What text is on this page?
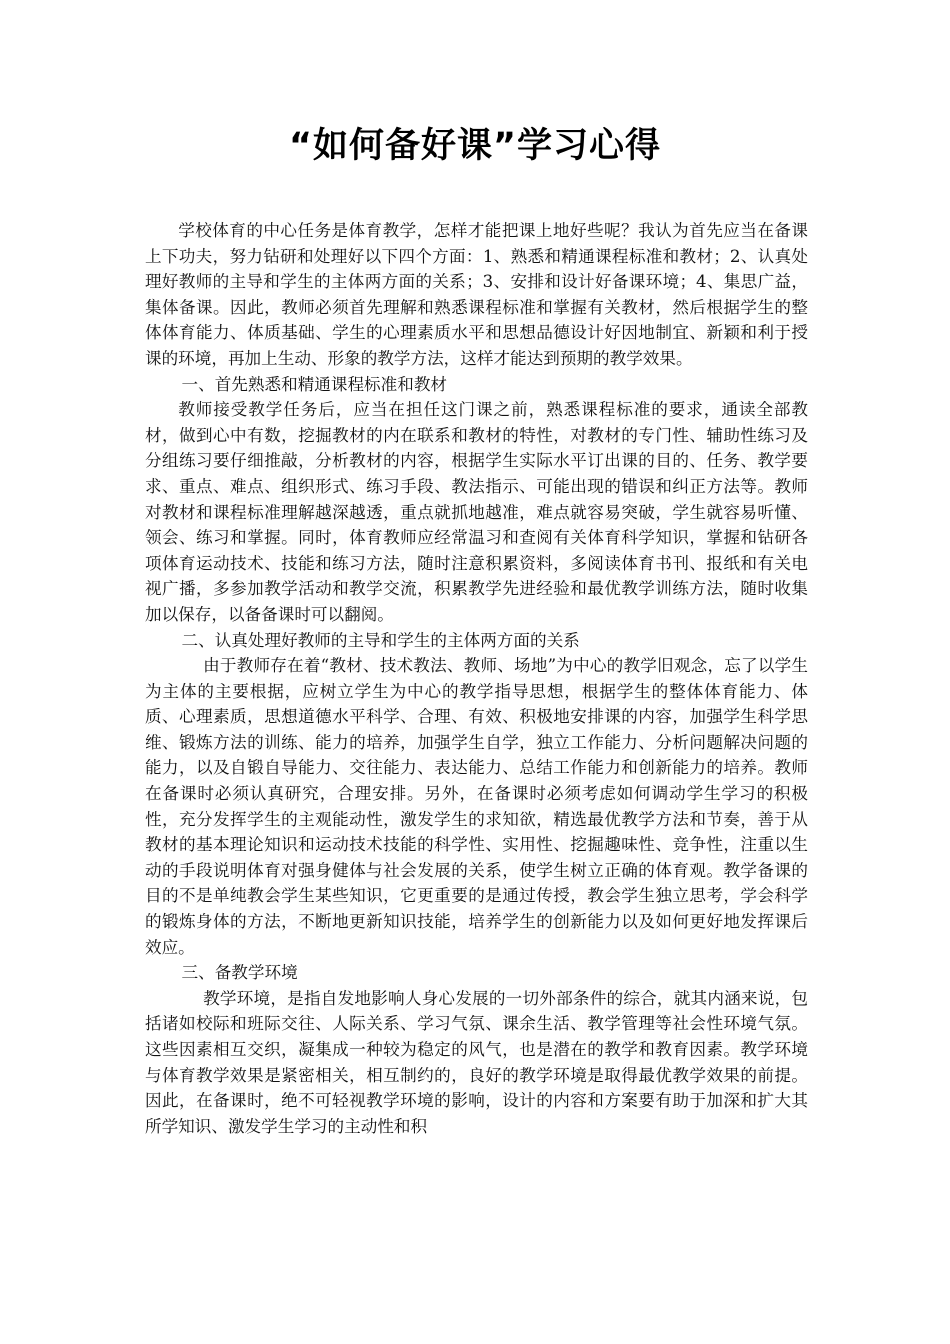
“如何备好课”学习心得

学校体育的中心任务是体育教学，怎样才能把课上地好些呢？我认为首先应当在备课上下功夫，努力钻研和处理好以下四个方面：1、熟悉和精通课程标准和教材；2、认真处理好教师的主导和学生的主体两方面的关系；3、安排和设计好备课环境；4、集思广益，集体备课。因此，教师必须首先理解和熟悉课程标准和掌握有关教材，然后根据学生的整体体育能力、体质基础、学生的心理素质水平和思想品德设计好因地制宜、新颖和利于授课的环境，再加上生动、形象的教学方法，这样才能达到预期的教学效果。

一、首先熟悉和精通课程标准和教材

教师接受教学任务后，应当在担任这门课之前，熟悉课程标准的要求，通读全部教材，做到心中有数，挖掘教材的内在联系和教材的特性，对教材的专门性、辅助性练习及分组练习要仔细推敲，分析教材的内容，根据学生实际水平订出课的目的、任务、教学要求、重点、难点、组织形式、练习手段、教法指示、可能出现的错误和纠正方法等。教师对教材和课程标准理解越深越透，重点就抓地越准，难点就容易突破，学生就容易听懂、领会、练习和掌握。同时，体育教师应经常温习和查阅有关体育科学知识，掌握和钻研各项体育运动技术、技能和练习方法，随时注意积累资料，多阅读体育书刊、报纸和有关电视广播，多参加教学活动和教学交流，积累教学先进经验和最优教学训练方法，随时收集加以保存，以备备课时可以翻阅。

二、认真处理好教师的主导和学生的主体两方面的关系

由于教师存在着“教材、技术教法、教师、场地”为中心的教学旧观念，忘了以学生为主体的主要根据，应树立学生为中心的教学指导思想，根据学生的整体体育能力、体质、心理素质，思想道德水平科学、合理、有效、积极地安排课的内容，加强学生科学思维、锻炼方法的训练、能力的培养，加强学生自学，独立工作能力、分析问题解决问题的能力，以及自锻自导能力、交往能力、表达能力、总结工作能力和创新能力的培养。教师在备课时必须认真研究，合理安排。另外，在备课时必须考虑如何调动学生学习的积极性，充分发挥学生的主观能动性，激发学生的求知欲，精选最优教学方法和节奏，善于从教材的基本理论知识和运动技术技能的科学性、实用性、挖掘趣味性、竞争性，注重以生动的手段说明体育对强身健体与社会发展的关系，使学生树立正确的体育观。教学备课的目的不是单纯教会学生某些知识，它更重要的是通过传授，教会学生独立思考，学会科学的锻炼身体的方法，不断地更新知识技能，培养学生的创新能力以及如何更好地发挥课后效应。

三、备教学环境

教学环境，是指自发地影响人身心发展的一切外部条件的综合，就其内涵来说，包括诸如校际和班际交往、人际关系、学习气氛、课余生活、教学管理等社会性环境气氛。这些因素相互交织，凝集成一种较为稳定的风气，也是潜在的教学和教育因素。教学环境与体育教学效果是紧密相关，相互制约的，良好的教学环境是取得最优教学效果的前提。因此，在备课时，绝不可轻视教学环境的影响，设计的内容和方案要有助于加深和扩大其所学知识、激发学生学习的主动性和积
